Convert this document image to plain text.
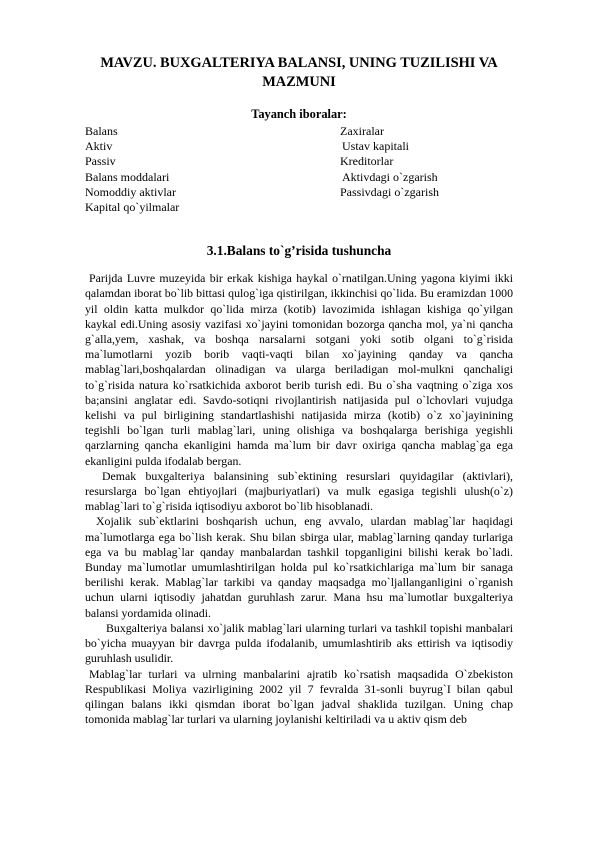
MAVZU. BUXGALTERIYA BALANSI, UNING TUZILISHI VA
MAZMUNI
Tayanch iboralar:
Balans	Zaxiralar
Aktiv	Ustav kapitali
Passiv	Kreditorlar
Balans moddalari	Aktivdagi o`zgarish
Nomoddiy aktivlar	Passivdagi o`zgarish
Kapital qo`yilmalar
3.1.Balans to`g’risida tushuncha

Parijda Luvre muzeyida bir erkak kishiga haykal o`rnatilgan.Uning yagona kiyimi ikki qalamdan iborat bo`lib bittasi qulog`iga qistirilgan, ikkinchisi qo`lida. Bu eramizdan 1000 yil oldin katta mulkdor qo`lida mirza (kotib) lavozimida ishlagan kishiga qo`yilgan kaykal edi.Uning asosiy vazifasi xo`jayini tomonidan bozorga qancha mol, ya`ni qancha g`alla,yem, xashak, va boshqa narsalarni sotgani yoki sotib olgani to`g`risida ma`lumotlarni yozib borib vaqti-vaqti bilan xo`jayining qanday va qancha mablag`lari,boshqalardan olinadigan va ularga beriladigan mol-mulkni qanchaligi to`g`risida natura ko`rsatkichida axborot berib turish edi. Bu o`sha vaqtning o`ziga xos ba;ansini anglatar edi. Savdo-sotiqni rivojlantirish natijasida pul o`lchovlari vujudga kelishi va pul birligining standartlashishi natijasida mirza (kotib) o`z xo`jayinining tegishli bo`lgan turli mablag`lari, uning olishiga va boshqalarga berishiga yegishli qarzlarning qancha ekanligini hamda ma`lum bir davr oxiriga qancha mablag`ga ega ekanligini pulda ifodalab bergan.

Demak buxgalteriya balansining sub`ektining resurslari quyidagilar (aktivlari), resurslarga bo`lgan ehtiyojlari (majburiyatlari) va mulk egasiga tegishli ulush(o`z) mablag`lari to`g`risida iqtisodiyu axborot bo`lib hisoblanadi.

Xojalik sub`ektlarini boshqarish uchun, eng avvalo, ulardan mablag`lar haqidagi ma`lumotlarga ega bo`lish kerak. Shu bilan sbirga ular, mablag`larning qanday turlariga ega va bu mablag`lar qanday manbalardan tashkil topganligini bilishi kerak bo`ladi. Bunday ma`lumotlar umumlashtirilgan holda pul ko`rsatkichlariga ma`lum bir sanaga berilishi kerak. Mablag`lar tarkibi va qanday maqsadga mo`ljallanganligini o`rganish uchun ularni iqtisodiy jahatdan guruhlash zarur. Mana hsu ma`lumotlar buxgalteriya balansi yordamida olinadi.

Buxgalteriya balansi xo`jalik mablag`lari ularning turlari va tashkil topishi manbalari bo`yicha muayyan bir davrga pulda ifodalanib, umumlashtirib aks ettirish va iqtisodiy guruhlash usulidir.

Mablag`lar turlari va ulrning manbalarini ajratib ko`rsatish maqsadida O`zbekiston Respublikasi Moliya vazirligining 2002 yil 7 fevralda 31-sonli buyrug`I bilan qabul qilingan balans ikki qismdan iborat bo`lgan jadval shaklida tuzilgan. Uning chap tomonida mablag`lar turlari va ularning joylanishi keltiriladi va u aktiv qism deb
